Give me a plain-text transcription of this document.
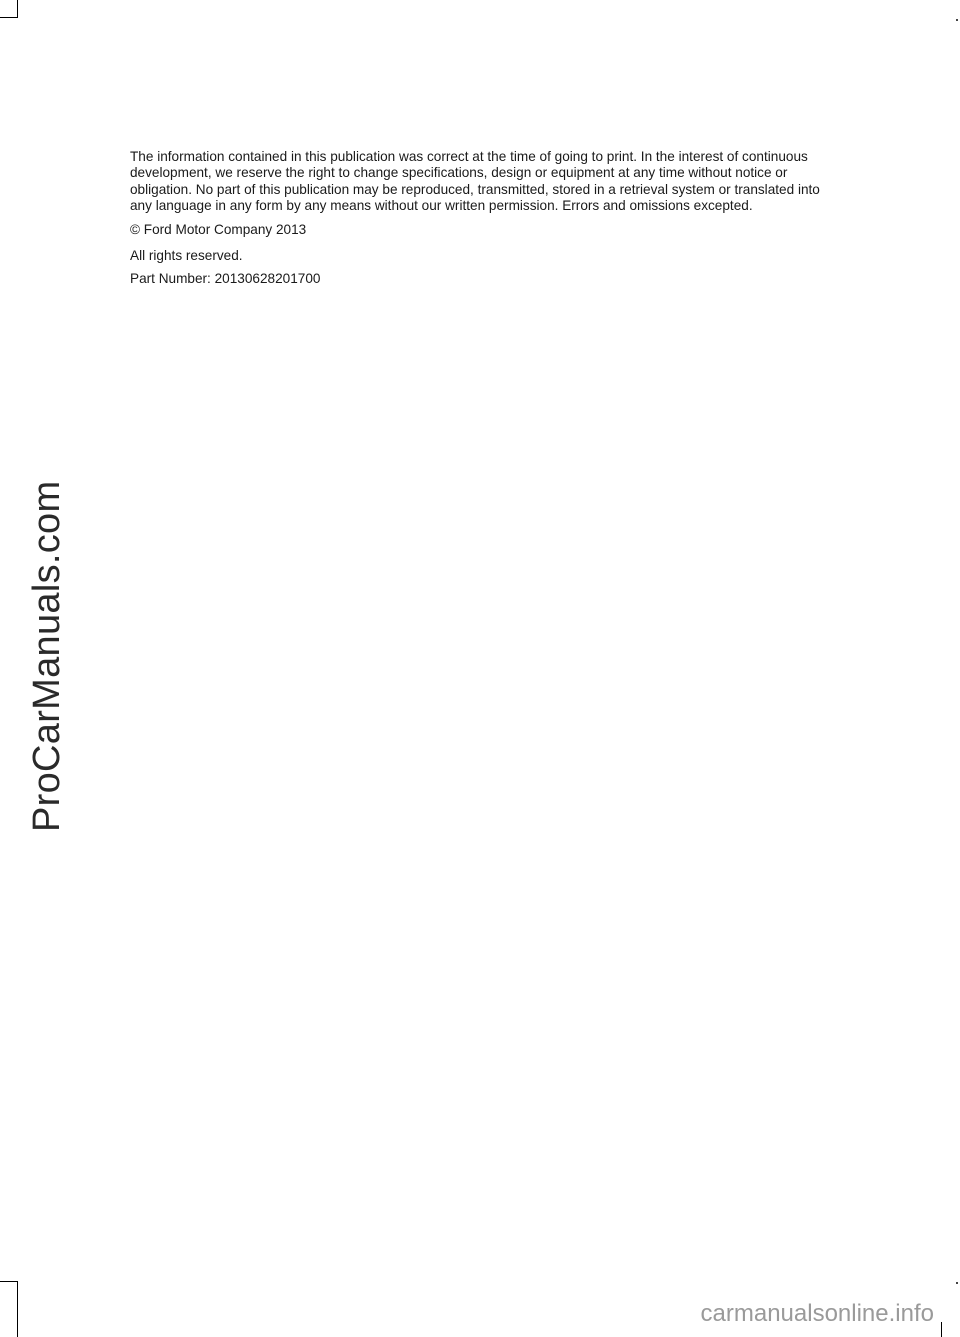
The information contained in this publication was correct at the time of going to print. In the interest of continuous development, we reserve the right to change specifications, design or equipment at any time without notice or obligation. No part of this publication may be reproduced, transmitted, stored in a retrieval system or translated into any language in any form by any means without our written permission. Errors and omissions excepted.

© Ford Motor Company 2013

All rights reserved.

Part Number: 20130628201700

ProCarManuals.com
carmanualsonline.info
